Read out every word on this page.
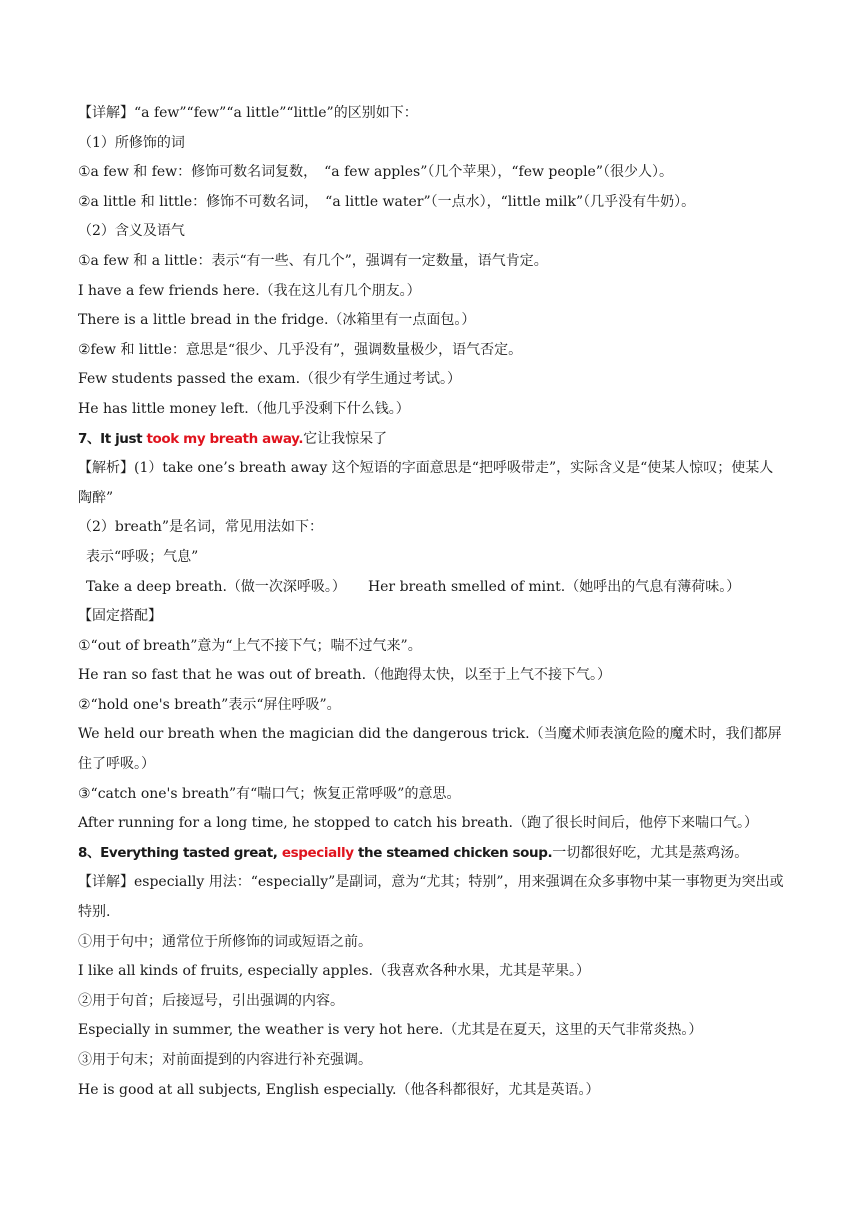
【详解】“a few”“few”“a little”“little”的区别如下：
（1）所修饰的词
①a few 和 few：修饰可数名词复数，　“a few apples”（几个苹果），“few people”（很少人）。
②a little 和 little：修饰不可数名词，　“a little water”（一点水），“little milk”（几乎没有牛奶）。
（2）含义及语气
①a few 和 a little：表示“有一些、有几个”，强调有一定数量，语气肯定。
I have a few friends here.（我在这儿有几个朋友。）
There is a little bread in the fridge.（冰箱里有一点面包。）
②few 和 little：意思是“很少、几乎没有”，强调数量极少，语气否定。
Few students passed the exam.（很少有学生通过考试。）
He has little money left.（他几乎没剩下什么钱。）
7、It just took my breath away.它让我惊呆了
【解析】(1）take one’s breath away 这个短语的字面意思是“把呼吸带走”，实际含义是“使某人惊叹；使某人陶醉”
（2）breath”是名词，常见用法如下：
表示“呼吸；气息”
Take a deep breath.（做一次深呼吸。） Her breath smelled of mint.（她呼出的气息有薄荷味。）
【固定搭配】
①“out of breath”意为“上气不接下气；喘不过气来”。
He ran so fast that he was out of breath.（他跑得太快，以至于上气不接下气。）
②“hold one's breath”表示“屏住呼吸”。
We held our breath when the magician did the dangerous trick.（当魔术师表演危险的魔术时，我们都屏住了呼吸。）
③“catch one's breath”有“喘口气；恢复正常呼吸”的意思。
After running for a long time, he stopped to catch his breath.（跑了很长时间后，他停下来喘口气。）
8、Everything tasted great, especially the steamed chicken soup.一切都很好吃，尤其是蒸鸡汤。
【详解】especially 用法：“especially”是副词，意为“尤其；特别”，用来强调在众多事物中某一事物更为突出或特别.
①用于句中；通常位于所修饰的词或短语之前。
I like all kinds of fruits, especially apples.（我喜欢各种水果，尤其是苹果。）
②用于句首；后接逗号，引出强调的内容。
Especially in summer, the weather is very hot here.（尤其是在夏天，这里的天气非常炎热。）
③用于句末；对前面提到的内容进行补充强调。
He is good at all subjects, English especially.（他各科都很好，尤其是英语。）
